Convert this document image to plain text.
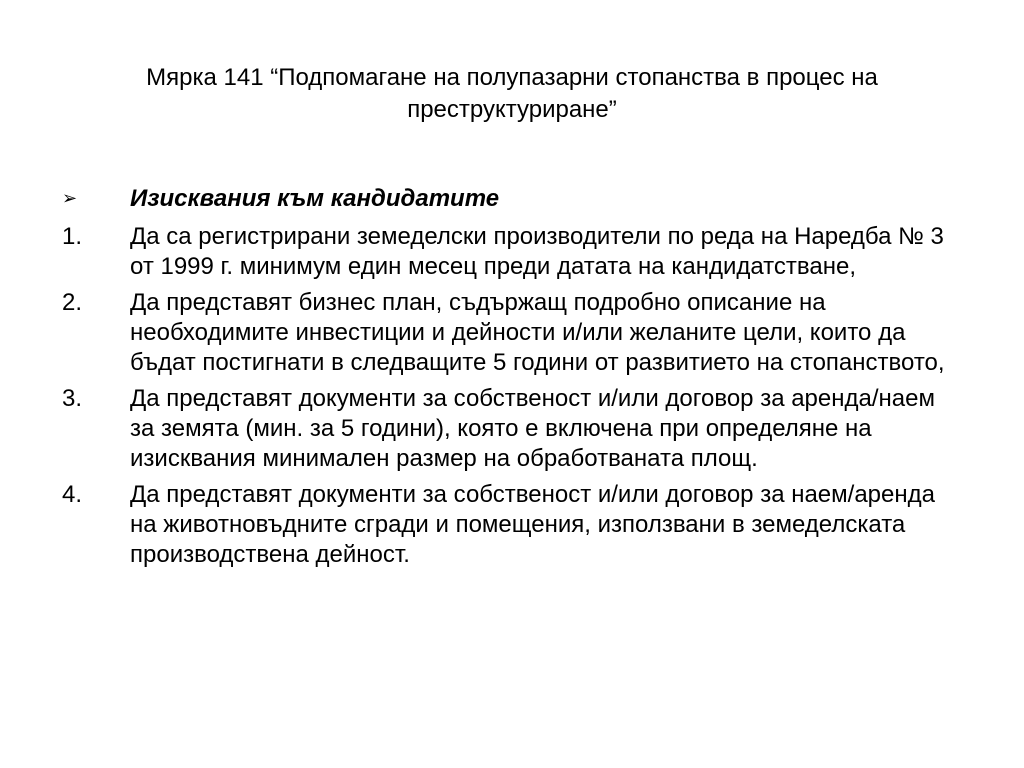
Мярка 141 “Подпомагане на полупазарни стопанства в процес на преструктуриране”
➢ Изисквания към кандидатите
1. Да са регистрирани земеделски производители по реда на Наредба № 3 от 1999 г. минимум един месец преди датата на кандидатстване,
2. Да представят бизнес план, съдържащ подробно описание на необходимите инвестиции и дейности и/или желаните цели, които да бъдат постигнати в следващите 5 години от развитието на стопанството,
3. Да представят документи за собственост и/или договор за аренда/наем за земята (мин. за 5 години), която е включена при определяне на изисквания минимален размер на обработваната площ.
4. Да представят документи за собственост и/или договор за наем/аренда на животновъдните сгради и помещения, използвани в земеделската производствена дейност.
